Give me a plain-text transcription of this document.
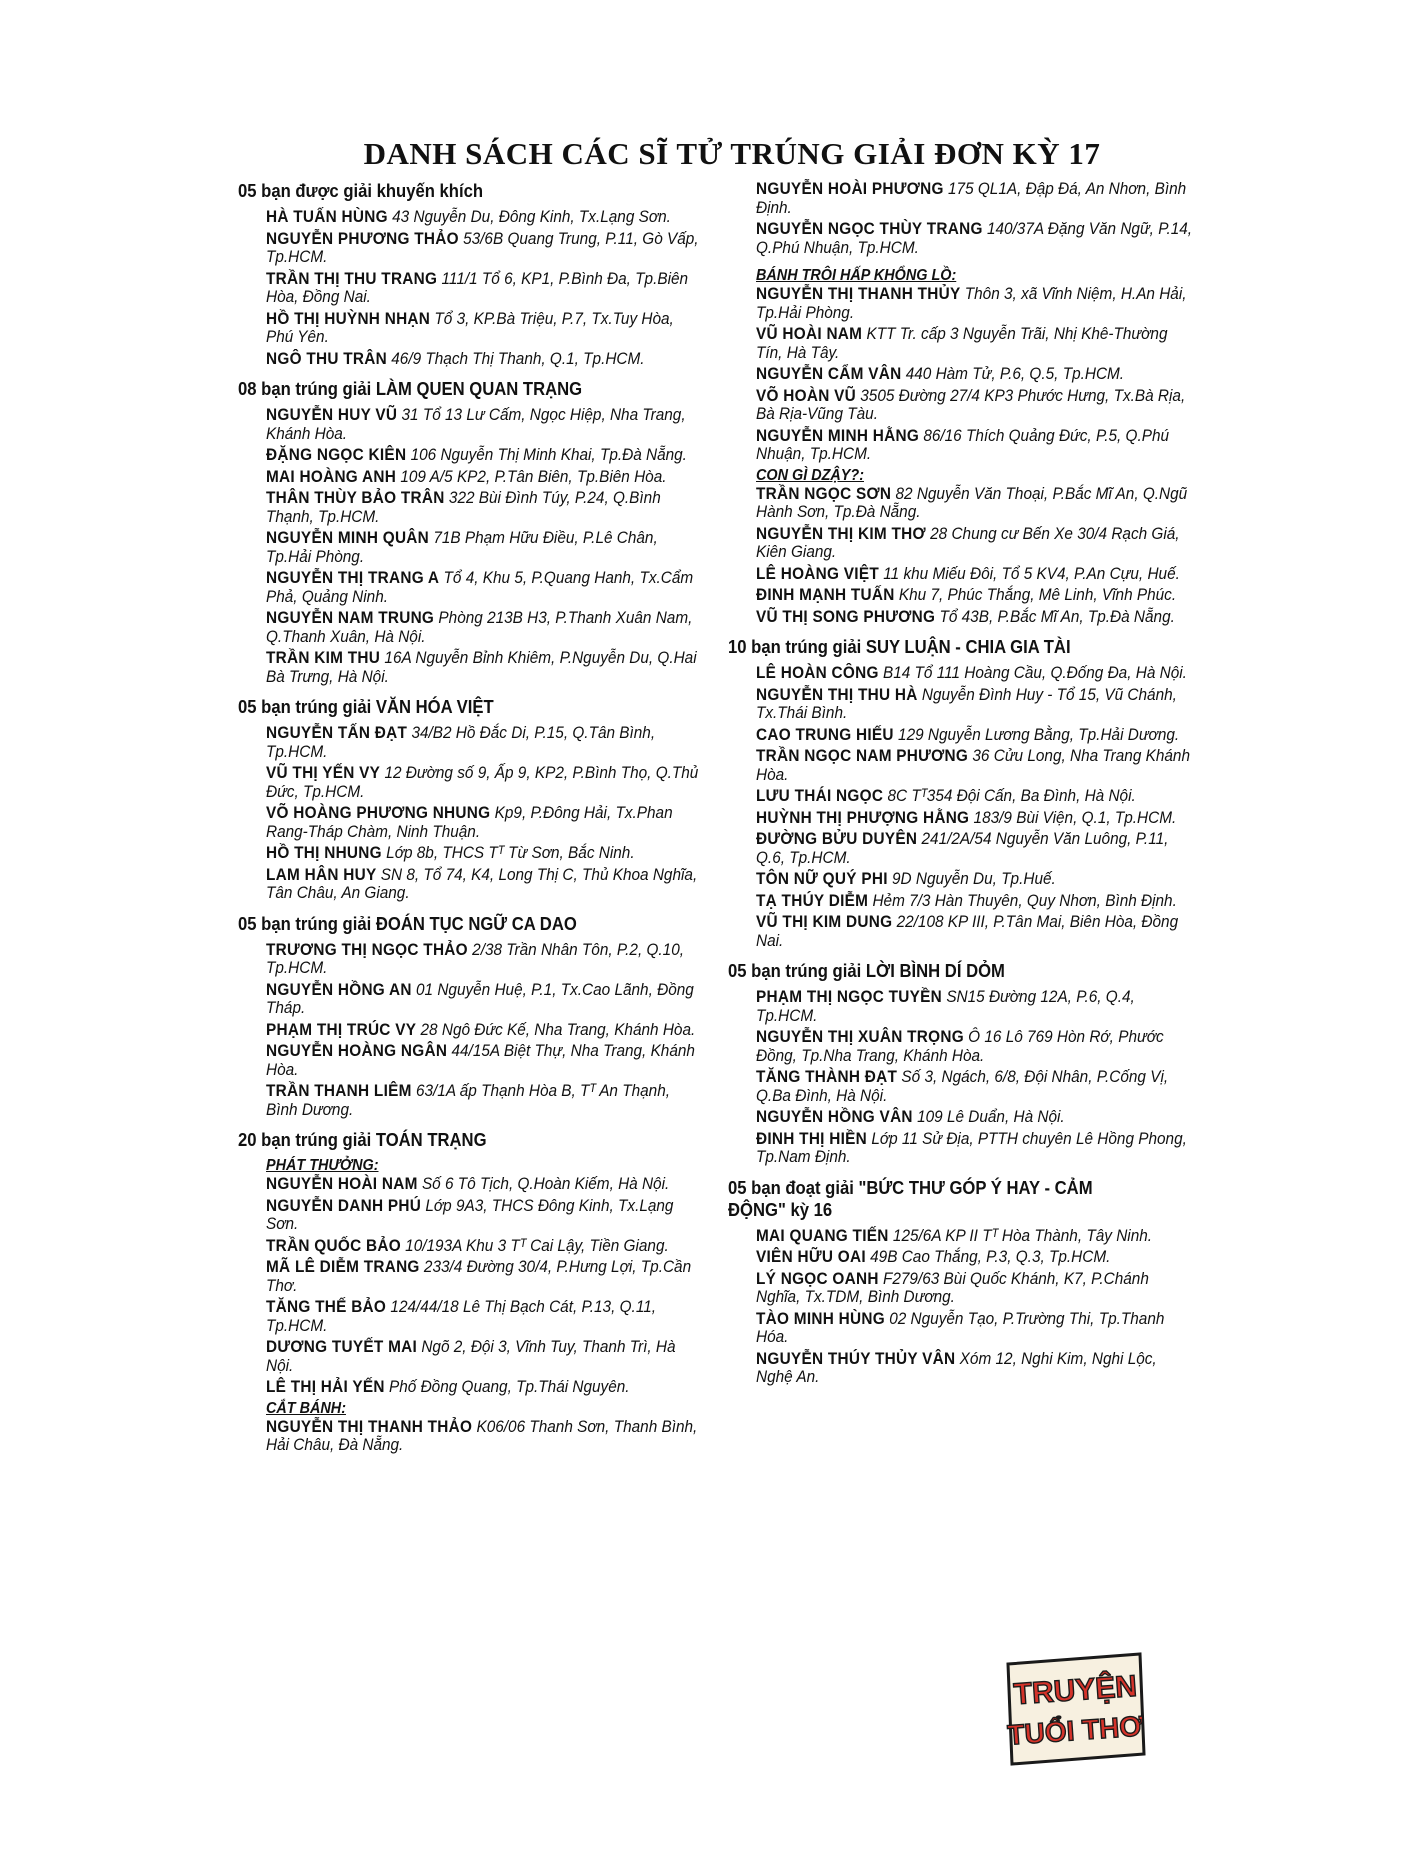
DANH SÁCH CÁC SĨ TỬ TRÚNG GIẢI ĐƠN KỲ 17
05 bạn được giải khuyến khích
HÀ TUẤN HÙNG 43 Nguyễn Du, Đông Kinh, Tx.Lạng Sơn.
NGUYỄN PHƯƠNG THẢO 53/6B Quang Trung, P.11, Gò Vấp, Tp.HCM.
TRẦN THỊ THU TRANG 111/1 Tổ 6, KP1, P.Bình Đa, Tp.Biên Hòa, Đồng Nai.
HỒ THỊ HUỲNH NHẠN Tổ 3, KP.Bà Triệu, P.7, Tx.Tuy Hòa, Phú Yên.
NGÔ THU TRÂN 46/9 Thạch Thị Thanh, Q.1, Tp.HCM.
08 bạn trúng giải LÀM QUEN QUAN TRẠNG
NGUYỄN HUY VŨ 31 Tổ 13 Lư Cấm, Ngọc Hiệp, Nha Trang, Khánh Hòa.
ĐẶNG NGỌC KIÊN 106 Nguyễn Thị Minh Khai, Tp.Đà Nẵng.
MAI HOÀNG ANH 109 A/5 KP2, P.Tân Biên, Tp.Biên Hòa.
THÂN THÙY BẢO TRÂN 322 Bùi Đình Túy, P.24, Q.Bình Thạnh, Tp.HCM.
NGUYỄN MINH QUÂN 71B Phạm Hữu Điều, P.Lê Chân, Tp.Hải Phòng.
NGUYỄN THỊ TRANG A Tổ 4, Khu 5, P.Quang Hanh, Tx.Cẩm Phả, Quảng Ninh.
NGUYỄN NAM TRUNG Phòng 213B H3, P.Thanh Xuân Nam, Q.Thanh Xuân, Hà Nội.
TRẦN KIM THU 16A Nguyễn Bỉnh Khiêm, P.Nguyễn Du, Q.Hai Bà Trưng, Hà Nội.
05 bạn trúng giải VĂN HÓA VIỆT
NGUYỄN TẤN ĐẠT 34/B2 Hồ Đắc Di, P.15, Q.Tân Bình, Tp.HCM.
VŨ THỊ YẾN VY 12 Đường số 9, Ấp 9, KP2, P.Bình Thọ, Q.Thủ Đức, Tp.HCM.
VÕ HOÀNG PHƯƠNG NHUNG Kp9, P.Đông Hải, Tx.Phan Rang-Tháp Chàm, Ninh Thuận.
HỒ THỊ NHUNG Lớp 8b, THCS Tᵀ Từ Sơn, Bắc Ninh.
LAM HÂN HUY SN 8, Tổ 74, K4, Long Thị C, Thủ Khoa Nghĩa, Tân Châu, An Giang.
05 bạn trúng giải ĐOÁN TỤC NGỮ CA DAO
TRƯƠNG THỊ NGỌC THẢO 2/38 Trần Nhân Tôn, P.2, Q.10, Tp.HCM.
NGUYỄN HỒNG AN 01 Nguyễn Huệ, P.1, Tx.Cao Lãnh, Đồng Tháp.
PHẠM THỊ TRÚC VY 28 Ngô Đức Kế, Nha Trang, Khánh Hòa.
NGUYỄN HOÀNG NGÂN 44/15A Biệt Thự, Nha Trang, Khánh Hòa.
TRẦN THANH LIÊM 63/1A ấp Thạnh Hòa B, Tᵀ An Thạnh, Bình Dương.
20 bạn trúng giải TOÁN TRẠNG
PHÁT THƯỞNG:
NGUYỄN HOÀI NAM Số 6 Tô Tịch, Q.Hoàn Kiếm, Hà Nội.
NGUYỄN DANH PHÚ Lớp 9A3, THCS Đông Kinh, Tx.Lạng Sơn.
TRẦN QUỐC BẢO 10/193A Khu 3 Tᵀ Cai Lậy, Tiền Giang.
MÃ LÊ DIỄM TRANG 233/4 Đường 30/4, P.Hưng Lợi, Tp.Cần Thơ.
TĂNG THẾ BẢO 124/44/18 Lê Thị Bạch Cát, P.13, Q.11, Tp.HCM.
DƯƠNG TUYẾT MAI Ngõ 2, Đội 3, Vĩnh Tuy, Thanh Trì, Hà Nội.
LÊ THỊ HẢI YẾN Phố Đồng Quang, Tp.Thái Nguyên.
CẮT BÁNH:
NGUYỄN THỊ THANH THẢO K06/06 Thanh Sơn, Thanh Bình, Hải Châu, Đà Nẵng.
NGUYỄN HOÀI PHƯƠNG 175 QL1A, Đập Đá, An Nhơn, Bình Định.
NGUYỄN NGỌC THÙY TRANG 140/37A Đặng Văn Ngữ, P.14, Q.Phú Nhuận, Tp.HCM.
BÁNH TRÔI HẤP KHỔNG LỒ:
NGUYỄN THỊ THANH THỦY Thôn 3, xã Vĩnh Niệm, H.An Hải, Tp.Hải Phòng.
VŨ HOÀI NAM KTT Tr. cấp 3 Nguyễn Trãi, Nhị Khê-Thường Tín, Hà Tây.
NGUYỄN CẨM VÂN 440 Hàm Tử, P.6, Q.5, Tp.HCM.
VÕ HOÀN VŨ 3505 Đường 27/4 KP3 Phước Hưng, Tx.Bà Rịa, Bà Rịa-Vũng Tàu.
NGUYỄN MINH HẰNG 86/16 Thích Quảng Đức, P.5, Q.Phú Nhuận, Tp.HCM.
CON GÌ DZẬY?:
TRẦN NGỌC SƠN 82 Nguyễn Văn Thoại, P.Bắc Mĩ An, Q.Ngũ Hành Sơn, Tp.Đà Nẵng.
NGUYỄN THỊ KIM THƠ 28 Chung cư Bến Xe 30/4 Rạch Giá, Kiên Giang.
LÊ HOÀNG VIỆT 11 khu Miếu Đôi, Tổ 5 KV4, P.An Cựu, Huế.
ĐINH MẠNH TUẤN Khu 7, Phúc Thắng, Mê Linh, Vĩnh Phúc.
VŨ THỊ SONG PHƯƠNG Tổ 43B, P.Bắc Mĩ An, Tp.Đà Nẵng.
10 bạn trúng giải SUY LUẬN - CHIA GIA TÀI
LÊ HOÀN CÔNG B14 Tổ 111 Hoàng Cầu, Q.Đống Đa, Hà Nội.
NGUYỄN THỊ THU HÀ Nguyễn Đình Huy - Tổ 15, Vũ Chánh, Tx.Thái Bình.
CAO TRUNG HIẾU 129 Nguyễn Lương Bằng, Tp.Hải Dương.
TRẦN NGỌC NAM PHƯƠNG 36 Cửu Long, Nha Trang Khánh Hòa.
LƯU THÁI NGỌC 8C Tᵀ354 Đội Cấn, Ba Đình, Hà Nội.
HUỲNH THỊ PHƯỢNG HẰNG 183/9 Bùi Viện, Q.1, Tp.HCM.
ĐƯỜNG BỬU DUYÊN 241/2A/54 Nguyễn Văn Luông, P.11, Q.6, Tp.HCM.
TÔN NỮ QUÝ PHI 9D Nguyễn Du, Tp.Huế.
TẠ THÚY DIỄM Hẻm 7/3 Hàn Thuyên, Quy Nhơn, Bình Định.
VŨ THỊ KIM DUNG 22/108 KP III, P.Tân Mai, Biên Hòa, Đồng Nai.
05 bạn trúng giải LỜI BÌNH DÍ DỎM
PHẠM THỊ NGỌC TUYỀN SN15 Đường 12A, P.6, Q.4, Tp.HCM.
NGUYỄN THỊ XUÂN TRỌNG Ô 16 Lô 769 Hòn Rớ, Phước Đồng, Tp.Nha Trang, Khánh Hòa.
TĂNG THÀNH ĐẠT Số 3, Ngách, 6/8, Đội Nhân, P.Cống Vị, Q.Ba Đình, Hà Nội.
NGUYỄN HỒNG VÂN 109 Lê Duẩn, Hà Nội.
ĐINH THỊ HIỀN Lớp 11 Sử Địa, PTTH chuyên Lê Hồng Phong, Tp.Nam Định.
05 bạn đoạt giải "BỨC THƯ GÓP Ý HAY - CẢM ĐỘNG" kỳ 16
MAI QUANG TIẾN 125/6A KP II Tᵀ Hòa Thành, Tây Ninh.
VIÊN HỮU OAI 49B Cao Thắng, P.3, Q.3, Tp.HCM.
LÝ NGỌC OANH F279/63 Bùi Quốc Khánh, K7, P.Chánh Nghĩa, Tx.TDM, Bình Dương.
TÀO MINH HÙNG 02 Nguyễn Tạo, P.Trường Thi, Tp.Thanh Hóa.
NGUYỄN THÚY THỦY VÂN Xóm 12, Nghi Kim, Nghi Lộc, Nghệ An.
TRUYỆN
TUỔI THƠ
